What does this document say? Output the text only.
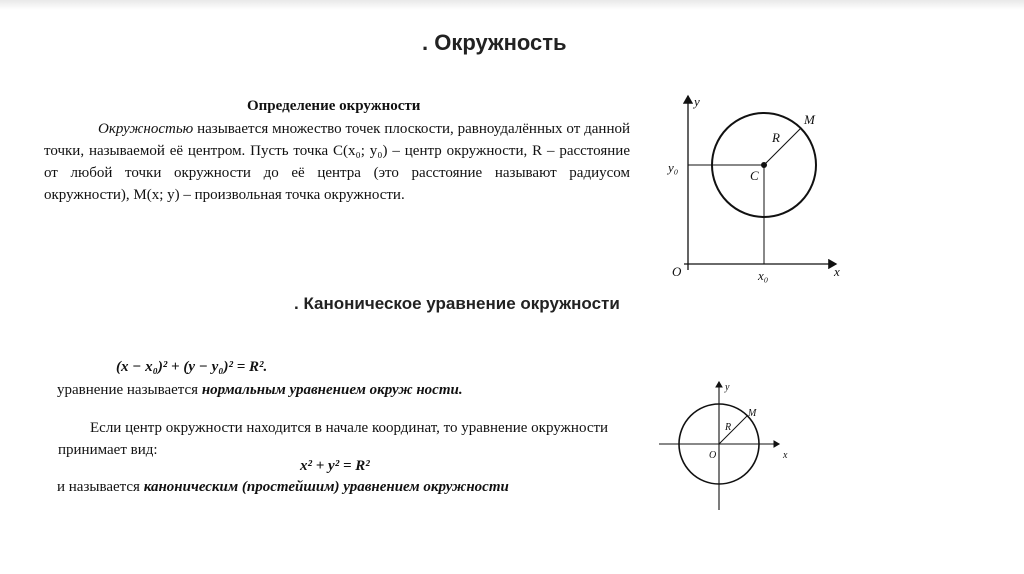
. Окружность
Определение окружности
Окружностью называется множество точек плоскости, равноудалённых от данной точки, называемой её центром. Пусть точка C(x₀; y₀) – центр окружности, R – расстояние от любой точки окружности до её центра (это расстояние называют радиусом окружности), M(x; y) – произвольная точка окружности.
y
x
O
C
R
M
y₀
x₀
. Каноническое уравнение окружности
(x − x₀)² + (y − y₀)² = R².
уравнение называется нормальным уравнением окруж ности.
Если центр окружности находится в начале координат, то уравнение окружности принимает вид:
x² + y² = R²
и называется каноническим (простейшим) уравнением окружности
y
x
O
R
M
